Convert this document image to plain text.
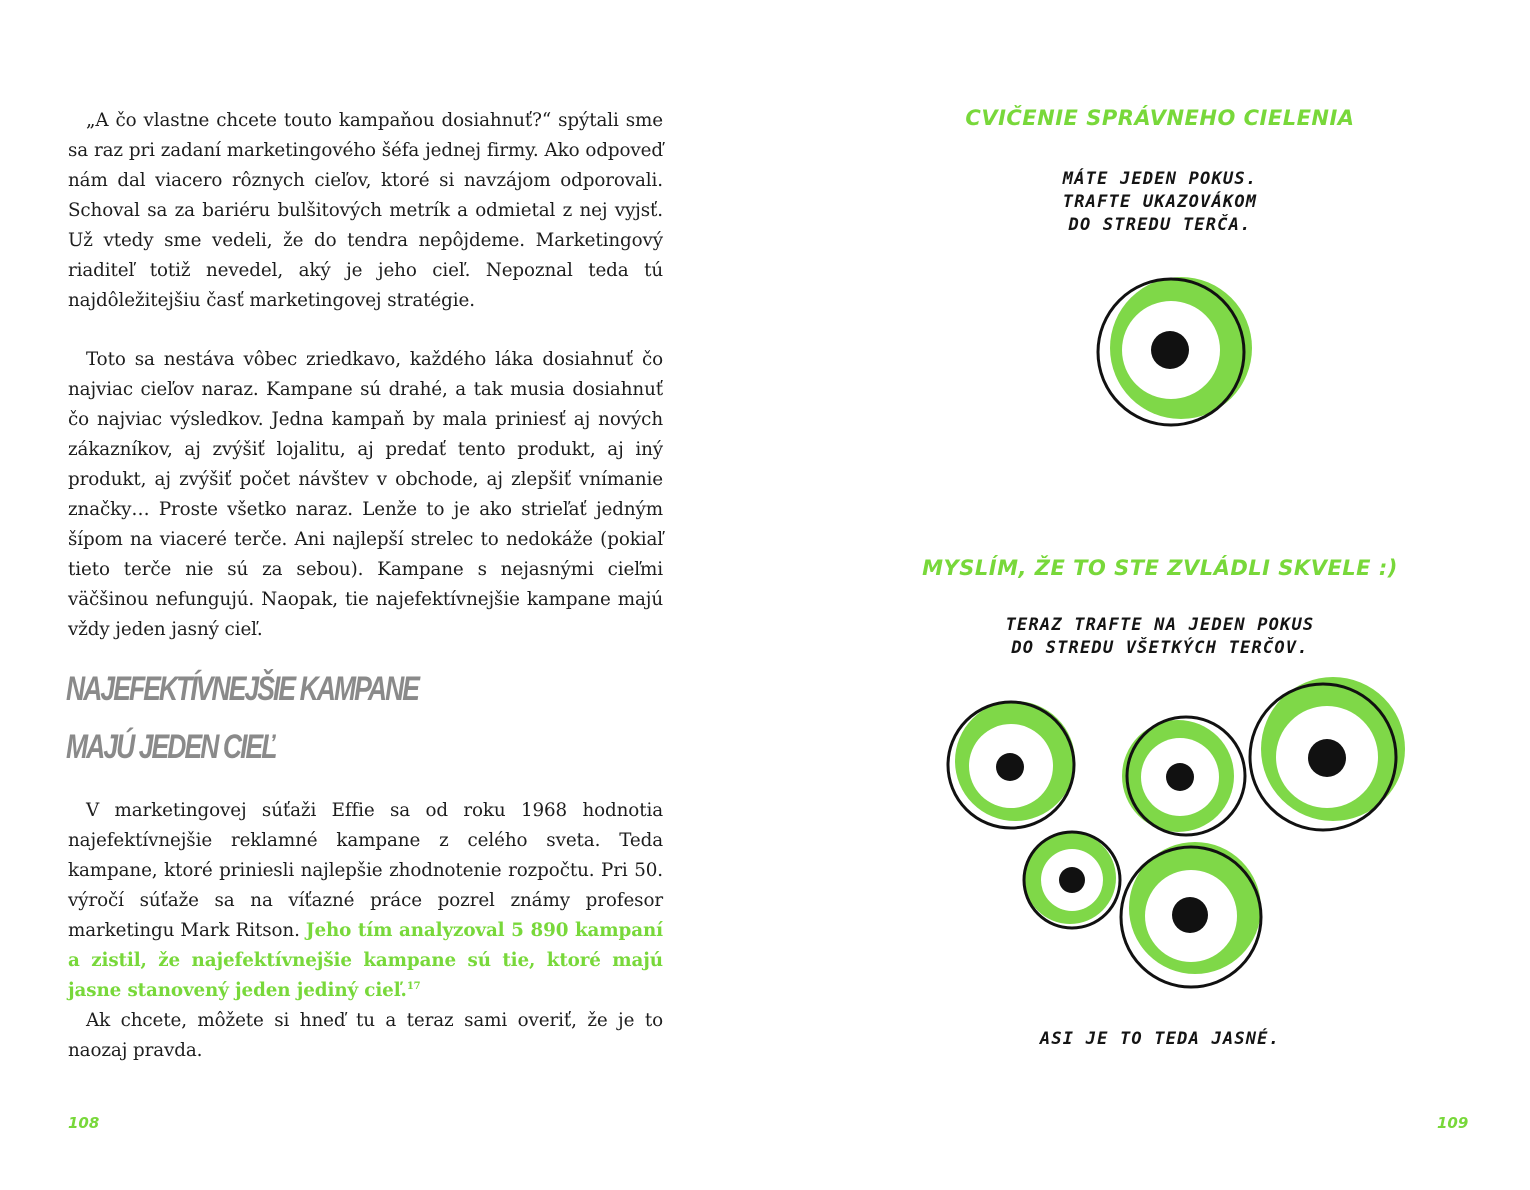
„A čo vlastne chcete touto kampaňou dosiahnuť?“ spýtali sme sa raz pri zadaní marketingového šéfa jednej firmy. Ako odpoveď nám dal viacero rôznych cieľov, ktoré si navzájom odporovali. Schoval sa za bariéru bulšitových metrík a odmietal z nej vyjsť. Už vtedy sme vedeli, že do tendra nepôjdeme. Marketingový riaditeľ totiž nevedel, aký je jeho cieľ. Nepoznal teda tú najdôležitejšiu časť marketingovej stratégie.

Toto sa nestáva vôbec zriedkavo, každého láka dosiahnuť čo najviac cieľov naraz. Kampane sú drahé, a tak musia dosiahnuť čo najviac výsledkov. Jedna kampaň by mala priniesť aj nových zákazníkov, aj zvýšiť lojalitu, aj predať tento produkt, aj iný produkt, aj zvýšiť počet návštev v obchode, aj zlepšiť vnímanie značky… Proste všetko naraz. Lenže to je ako strieľať jedným šípom na viaceré terče. Ani najlepší strelec to nedokáže (pokiaľ tieto terče nie sú za sebou). Kampane s nejasnými cieľmi väčšinou nefungujú. Naopak, tie najefektívnejšie kampane majú vždy jeden jasný cieľ.

NAJEFEKTÍVNEJŠIE KAMPANE
MAJÚ JEDEN CIEĽ

V marketingovej súťaži Effie sa od roku 1968 hodnotia najefektívnejšie reklamné kampane z celého sveta. Teda kampane, ktoré priniesli najlepšie zhodnotenie rozpočtu. Pri 50. výročí súťaže sa na víťazné práce pozrel známy profesor marketingu Mark Ritson. Jeho tím analyzoval 5 890 kampaní a zistil, že najefektívnejšie kampane sú tie, ktoré majú jasne stanovený jeden jediný cieľ.$^{17}$

Ak chcete, môžete si hneď tu a teraz sami overiť, že je to naozaj pravda.

108

CVIČENIE SPRÁVNEHO CIELENIA

MÁTE JEDEN POKUS.
TRAFTE UKAZOVÁKOM
DO STREDU TERČA.

MYSLÍM, ŽE TO STE ZVLÁDLI SKVELE :)

TERAZ TRAFTE NA JEDEN POKUS
DO STREDU VŠETKÝCH TERČOV.

ASI JE TO TEDA JASNÉ.

109
